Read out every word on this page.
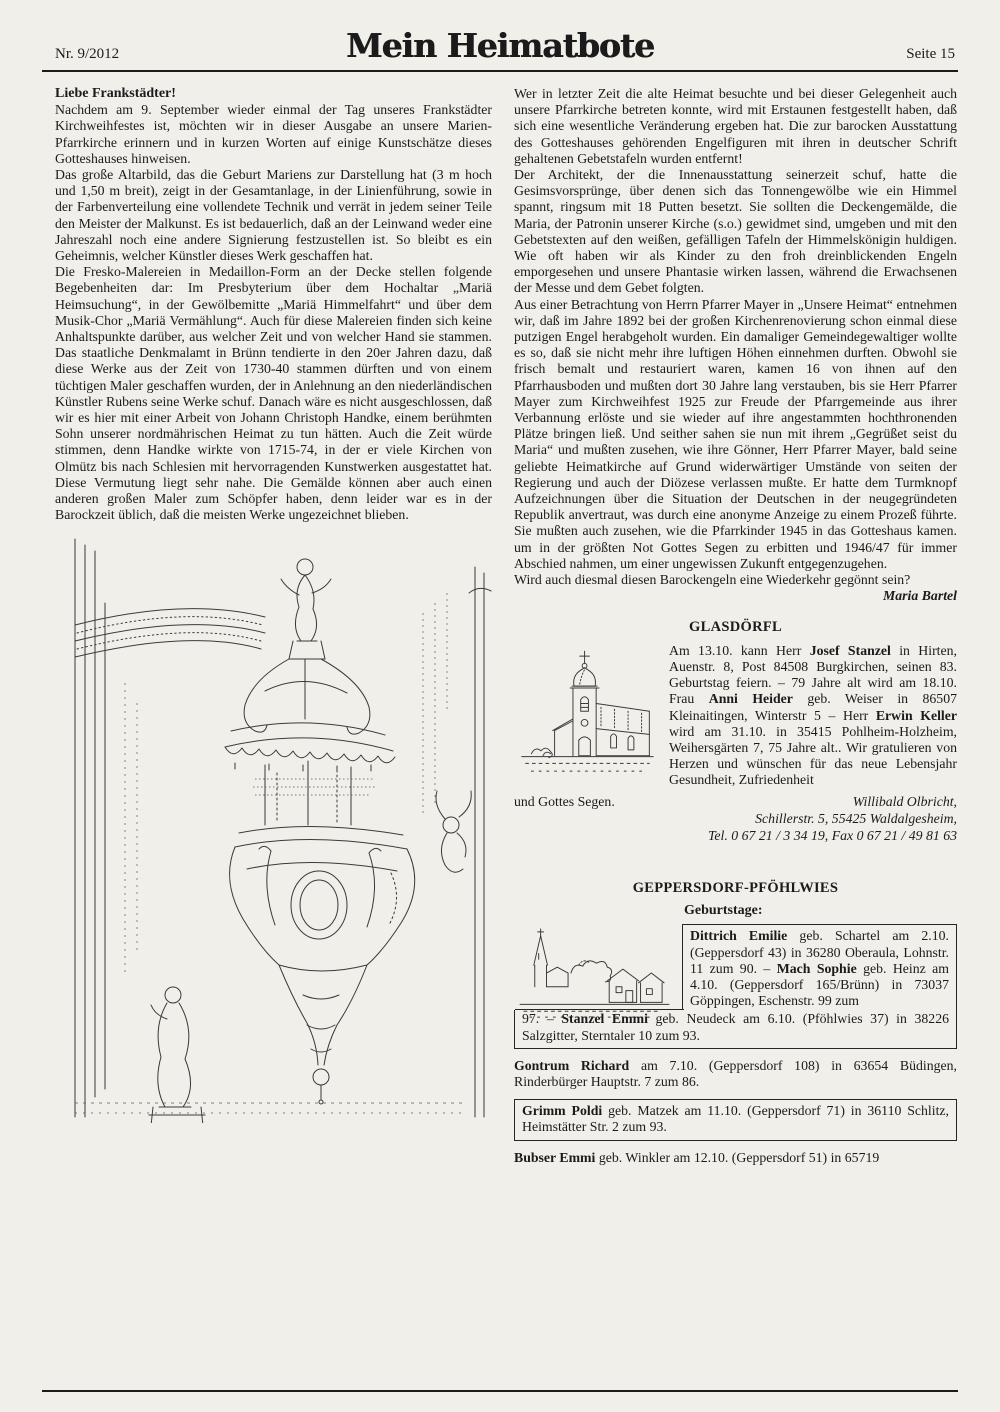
Nr. 9/2012	Mein Heimatbote	Seite 15
Liebe Frankstädter!

Nachdem am 9. September wieder einmal der Tag unseres Frankstädter Kirchweihfestes ist, möchten wir in dieser Ausgabe an unsere Marien-Pfarrkirche erinnern und in kurzen Worten auf einige Kunstschätze dieses Gotteshauses hinweisen.

Das große Altarbild, das die Geburt Mariens zur Darstellung hat (3 m hoch und 1,50 m breit), zeigt in der Gesamtanlage, in der Linienführung, sowie in der Farbenverteilung eine vollendete Technik und verrät in jedem seiner Teile den Meister der Malkunst. Es ist bedauerlich, daß an der Leinwand weder eine Jahreszahl noch eine andere Signierung festzustellen ist. So bleibt es ein Geheimnis, welcher Künstler dieses Werk geschaffen hat.

Die Fresko-Malereien in Medaillon-Form an der Decke stellen folgende Begebenheiten dar: Im Presbyterium über dem Hochaltar „Mariä Heimsuchung“, in der Gewölbemitte „Mariä Himmelfahrt“ und über dem Musik-Chor „Mariä Vermählung“. Auch für diese Malereien finden sich keine Anhaltspunkte darüber, aus welcher Zeit und von welcher Hand sie stammen. Das staatliche Denkmalamt in Brünn tendierte in den 20er Jahren dazu, daß diese Werke aus der Zeit von 1730-40 stammen dürften und von einem tüchtigen Maler geschaffen wurden, der in Anlehnung an den niederländischen Künstler Rubens seine Werke schuf. Danach wäre es nicht ausgeschlossen, daß wir es hier mit einer Arbeit von Johann Christoph Handke, einem berühmten Sohn unserer nordmährischen Heimat zu tun hätten. Auch die Zeit würde stimmen, denn Handke wirkte von 1715-74, in der er viele Kirchen von Olmütz bis nach Schlesien mit hervorragenden Kunstwerken ausgestattet hat. Diese Vermutung liegt sehr nahe. Die Gemälde können aber auch einen anderen großen Maler zum Schöpfer haben, denn leider war es in der Barockzeit üblich, daß die meisten Werke ungezeichnet blieben.

Wer in letzter Zeit die alte Heimat besuchte und bei dieser Gelegenheit auch unsere Pfarrkirche betreten konnte, wird mit Erstaunen festgestellt haben, daß sich eine wesentliche Veränderung ergeben hat. Die zur barocken Ausstattung des Gotteshauses gehörenden Engelfiguren mit ihren in deutscher Schrift gehaltenen Gebetstafeln wurden entfernt!

Der Architekt, der die Innenausstattung seinerzeit schuf, hatte die Gesimsvorsprünge, über denen sich das Tonnengewölbe wie ein Himmel spannt, ringsum mit 18 Putten besetzt. Sie sollten die Deckengemälde, die Maria, der Patronin unserer Kirche (s.o.) gewidmet sind, umgeben und mit den Gebetstexten auf den weißen, gefälligen Tafeln der Himmelskönigin huldigen. Wie oft haben wir als Kinder zu den froh dreinblickenden Engeln emporgesehen und unsere Phantasie wirken lassen, während die Erwachsenen der Messe und dem Gebet folgten.

Aus einer Betrachtung von Herrn Pfarrer Mayer in „Unsere Heimat“ entnehmen wir, daß im Jahre 1892 bei der großen Kirchenrenovierung schon einmal diese putzigen Engel herabgeholt wurden. Ein damaliger Gemeindegewaltiger wollte es so, daß sie nicht mehr ihre luftigen Höhen einnehmen durften. Obwohl sie frisch bemalt und restauriert waren, kamen 16 von ihnen auf den Pfarrhausboden und mußten dort 30 Jahre lang verstauben, bis sie Herr Pfarrer Mayer zum Kirchweihfest 1925 zur Freude der Pfarrgemeinde aus ihrer Verbannung erlöste und sie wieder auf ihre angestammten hochthronenden Plätze bringen ließ. Und seither sahen sie nun mit ihrem „Gegrüßet seist du Maria“ und mußten zusehen, wie ihre Gönner, Herr Pfarrer Mayer, bald seine geliebte Heimatkirche auf Grund widerwärtiger Umstände von seiten der Regierung und auch der Diözese verlassen mußte. Er hatte dem Turmknopf Aufzeichnungen über die Situation der Deutschen in der neugegründeten Republik anvertraut, was durch eine anonyme Anzeige zu einem Prozeß führte. Sie mußten auch zusehen, wie die Pfarrkinder 1945 in das Gotteshaus kamen. um in der größten Not Gottes Segen zu erbitten und 1946/47 für immer Abschied nahmen, um einer ungewissen Zukunft entgegenzugehen.

Wird auch diesmal diesen Barockengeln eine Wiederkehr gegönnt sein?

Maria Bartel
GLASDÖRFL
Am 13.10. kann Herr Josef Stanzel in Hirten, Auenstr. 8, Post 84508 Burgkirchen, seinen 83. Geburtstag feiern. – 79 Jahre alt wird am 18.10. Frau Anni Heider geb. Weiser in 86507 Kleinaitingen, Winterstr 5 – Herr Erwin Keller wird am 31.10. in 35415 Pohlheim-Holzheim, Weihersgärten 7, 75 Jahre alt.. Wir gratulieren von Herzen und wünschen für das neue Lebensjahr Gesundheit, Zufriedenheit
und Gottes Segen.	Willibald Olbricht,
Schillerstr. 5, 55425 Waldalgesheim,
Tel. 0 67 21 / 3 34 19, Fax 0 67 21 / 49 81 63
GEPPERSDORF-PFÖHLWIES
Geburtstage:
Dittrich Emilie geb. Schartel am 2.10. (Geppersdorf 43) in 36280 Oberaula, Lohnstr. 11 zum 90. – Mach Sophie geb. Heinz am 4.10. (Geppersdorf 165/Brünn) in 73037 Göppingen, Eschenstr. 99 zum
97. – Stanzel Emmi geb. Neudeck am 6.10. (Pföhlwies 37) in 38226 Salzgitter, Sterntaler 10 zum 93.
Gontrum Richard am 7.10. (Geppersdorf 108) in 63654 Büdingen, Rinderbürger Hauptstr. 7 zum 86.
Grimm Poldi geb. Matzek am 11.10. (Geppersdorf 71) in 36110 Schlitz, Heimstätter Str. 2 zum 93.
Bubser Emmi geb. Winkler am 12.10. (Geppersdorf 51) in 65719
